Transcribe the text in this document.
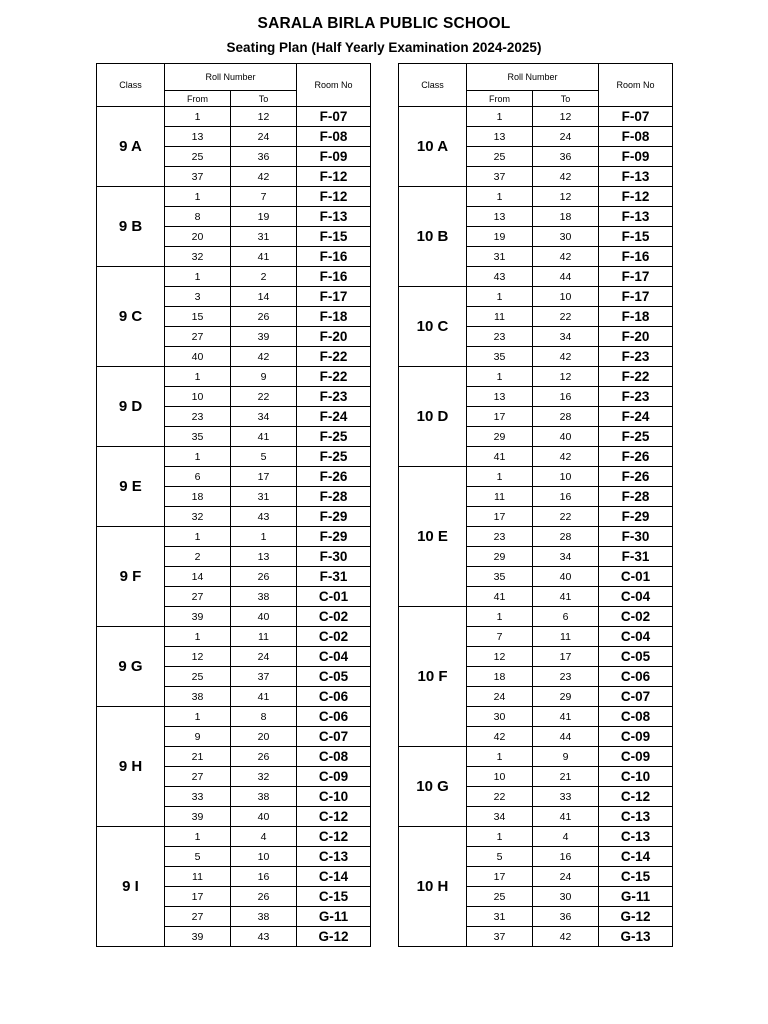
SARALA BIRLA PUBLIC SCHOOL
Seating Plan (Half Yearly Examination 2024-2025)
Class	Roll Number		Room No
	From	To	
9 A	1	12	F-07
	13	24	F-08
	25	36	F-09
	37	42	F-12
9 B	1	7	F-12
	8	19	F-13
	20	31	F-15
	32	41	F-16
9 C	1	2	F-16
	3	14	F-17
	15	26	F-18
	27	39	F-20
	40	42	F-22
9 D	1	9	F-22
	10	22	F-23
	23	34	F-24
	35	41	F-25
9 E	1	5	F-25
	6	17	F-26
	18	31	F-28
	32	43	F-29
9 F	1	1	F-29
	2	13	F-30
	14	26	F-31
	27	38	C-01
	39	40	C-02
9 G	1	11	C-02
	12	24	C-04
	25	37	C-05
	38	41	C-06
9 H	1	8	C-06
	9	20	C-07
	21	26	C-08
	27	32	C-09
	33	38	C-10
	39	40	C-12
9 I	1	4	C-12
	5	10	C-13
	11	16	C-14
	17	26	C-15
	27	38	G-11
	39	43	G-12
Class	Roll Number		Room No
	From	To	
10 A	1	12	F-07
	13	24	F-08
	25	36	F-09
	37	42	F-13
10 B	1	12	F-12
	13	18	F-13
	19	30	F-15
	31	42	F-16
	43	44	F-17
10 C	1	10	F-17
	11	22	F-18
	23	34	F-20
	35	42	F-23
10 D	1	12	F-22
	13	16	F-23
	17	28	F-24
	29	40	F-25
	41	42	F-26
10 E	1	10	F-26
	11	16	F-28
	17	22	F-29
	23	28	F-30
	29	34	F-31
	35	40	C-01
	41	41	C-04
10 F	1	6	C-02
	7	11	C-04
	12	17	C-05
	18	23	C-06
	24	29	C-07
	30	41	C-08
	42	44	C-09
10 G	1	9	C-09
	10	21	C-10
	22	33	C-12
	34	41	C-13
10 H	1	4	C-13
	5	16	C-14
	17	24	C-15
	25	30	G-11
	31	36	G-12
	37	42	G-13
